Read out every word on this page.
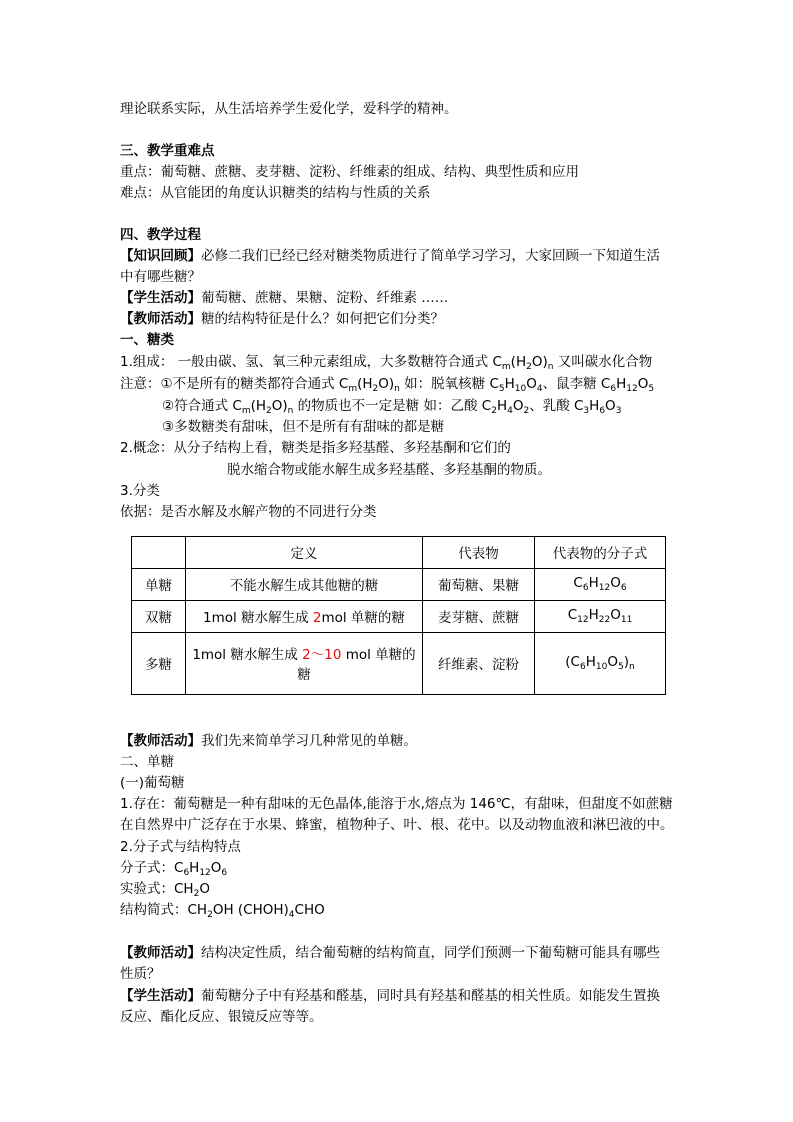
理论联系实际，从生活培养学生爱化学，爱科学的精神。
三、教学重难点
重点：葡萄糖、蔗糖、麦芽糖、淀粉、纤维素的组成、结构、典型性质和应用
难点：从官能团的角度认识糖类的结构与性质的关系
四、教学过程
【知识回顾】必修二我们已经已经对糖类物质进行了简单学习学习，大家回顾一下知道生活
中有哪些糖？
【学生活动】葡萄糖、蔗糖、果糖、淀粉、纤维素 ……
【教师活动】糖的结构特征是什么？如何把它们分类？
一、糖类
1.组成： 一般由碳、氢、氧三种元素组成，大多数糖符合通式 $C_m(H_2O)_n$ 又叫碳水化合物
注意：①不是所有的糖类都符合通式 $C_m(H_2O)_n$ 如：脱氧核糖 $C_5H_{10}O_4$、鼠李糖 $C_6H_{12}O_5$
②符合通式 $C_m(H_2O)_n$ 的物质也不一定是糖 如：乙酸 $C_2H_4O_2$、乳酸 $C_3H_6O_3$
③多数糖类有甜味，但不是所有有甜味的都是糖
2.概念：从分子结构上看，糖类是指多羟基醛、多羟基酮和它们的
脱水缩合物或能水解生成多羟基醛、多羟基酮的物质。
3.分类
依据：是否水解及水解产物的不同进行分类
	定义	代表物	代表物的分子式
单糖	不能水解生成其他糖的糖	葡萄糖、果糖	$C_6H_{12}O_6$
双糖	1mol 糖水解生成 2mol 单糖的糖	麦芽糖、蔗糖	$C_{12}H_{22}O_{11}$
多糖	1mol 糖水解生成 2～10 mol 单糖的糖	纤维素、淀粉	$(C_6H_{10}O_5)_n$
【教师活动】我们先来简单学习几种常见的单糖。
二、单糖
(一)葡萄糖
1.存在：葡萄糖是一种有甜味的无色晶体,能溶于水,熔点为 146℃，有甜味，但甜度不如蔗糖
在自然界中广泛存在于水果、蜂蜜，植物种子、叶、根、花中。以及动物血液和淋巴液的中。
2.分子式与结构特点
分子式：$C_6H_{12}O_6$
实验式：$CH_2O$
结构简式：$CH_2OH$ $(CHOH)_4CHO$
【教师活动】结构决定性质，结合葡萄糖的结构简直，同学们预测一下葡萄糖可能具有哪些
性质？
【学生活动】葡萄糖分子中有羟基和醛基，同时具有羟基和醛基的相关性质。如能发生置换
反应、酯化反应、银镜反应等等。
